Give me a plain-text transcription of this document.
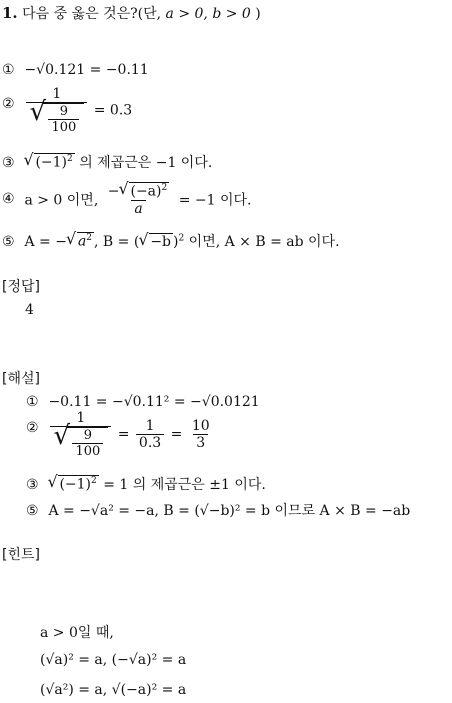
1. 다음 중 옳은 것은?(단, a > 0, b > 0 )
① −√0.121 = −0.11
② 1
√ $\frac{9}{100} = 0.3$
③ √ $(-1)^2$ 의 제곱근은 −1 이다.
④ a > 0 이면, $\frac{- √ (-a)^2}{a} = -1$ 이다.
⑤ A = − √ $a^2$ , B = ( √ −b )$^2$ 이면, A × B = ab 이다.
[정답]
4
[해설]
① −0.11 = −√0.11² = −√0.0121
② 1
√ $\frac{9}{100} = \frac{1}{0.3} = \frac{10}{3}$
③ √ $(-1)^2 = 1$ 의 제곱근은 ±1 이다.
⑤ A = −√a² = −a, B = (√−b)² = b 이므로 A × B = −ab
[힌트]
a > 0일 때,
(√a)² = a, (−√a)² = a
(√a²) = a, √(−a)² = a
